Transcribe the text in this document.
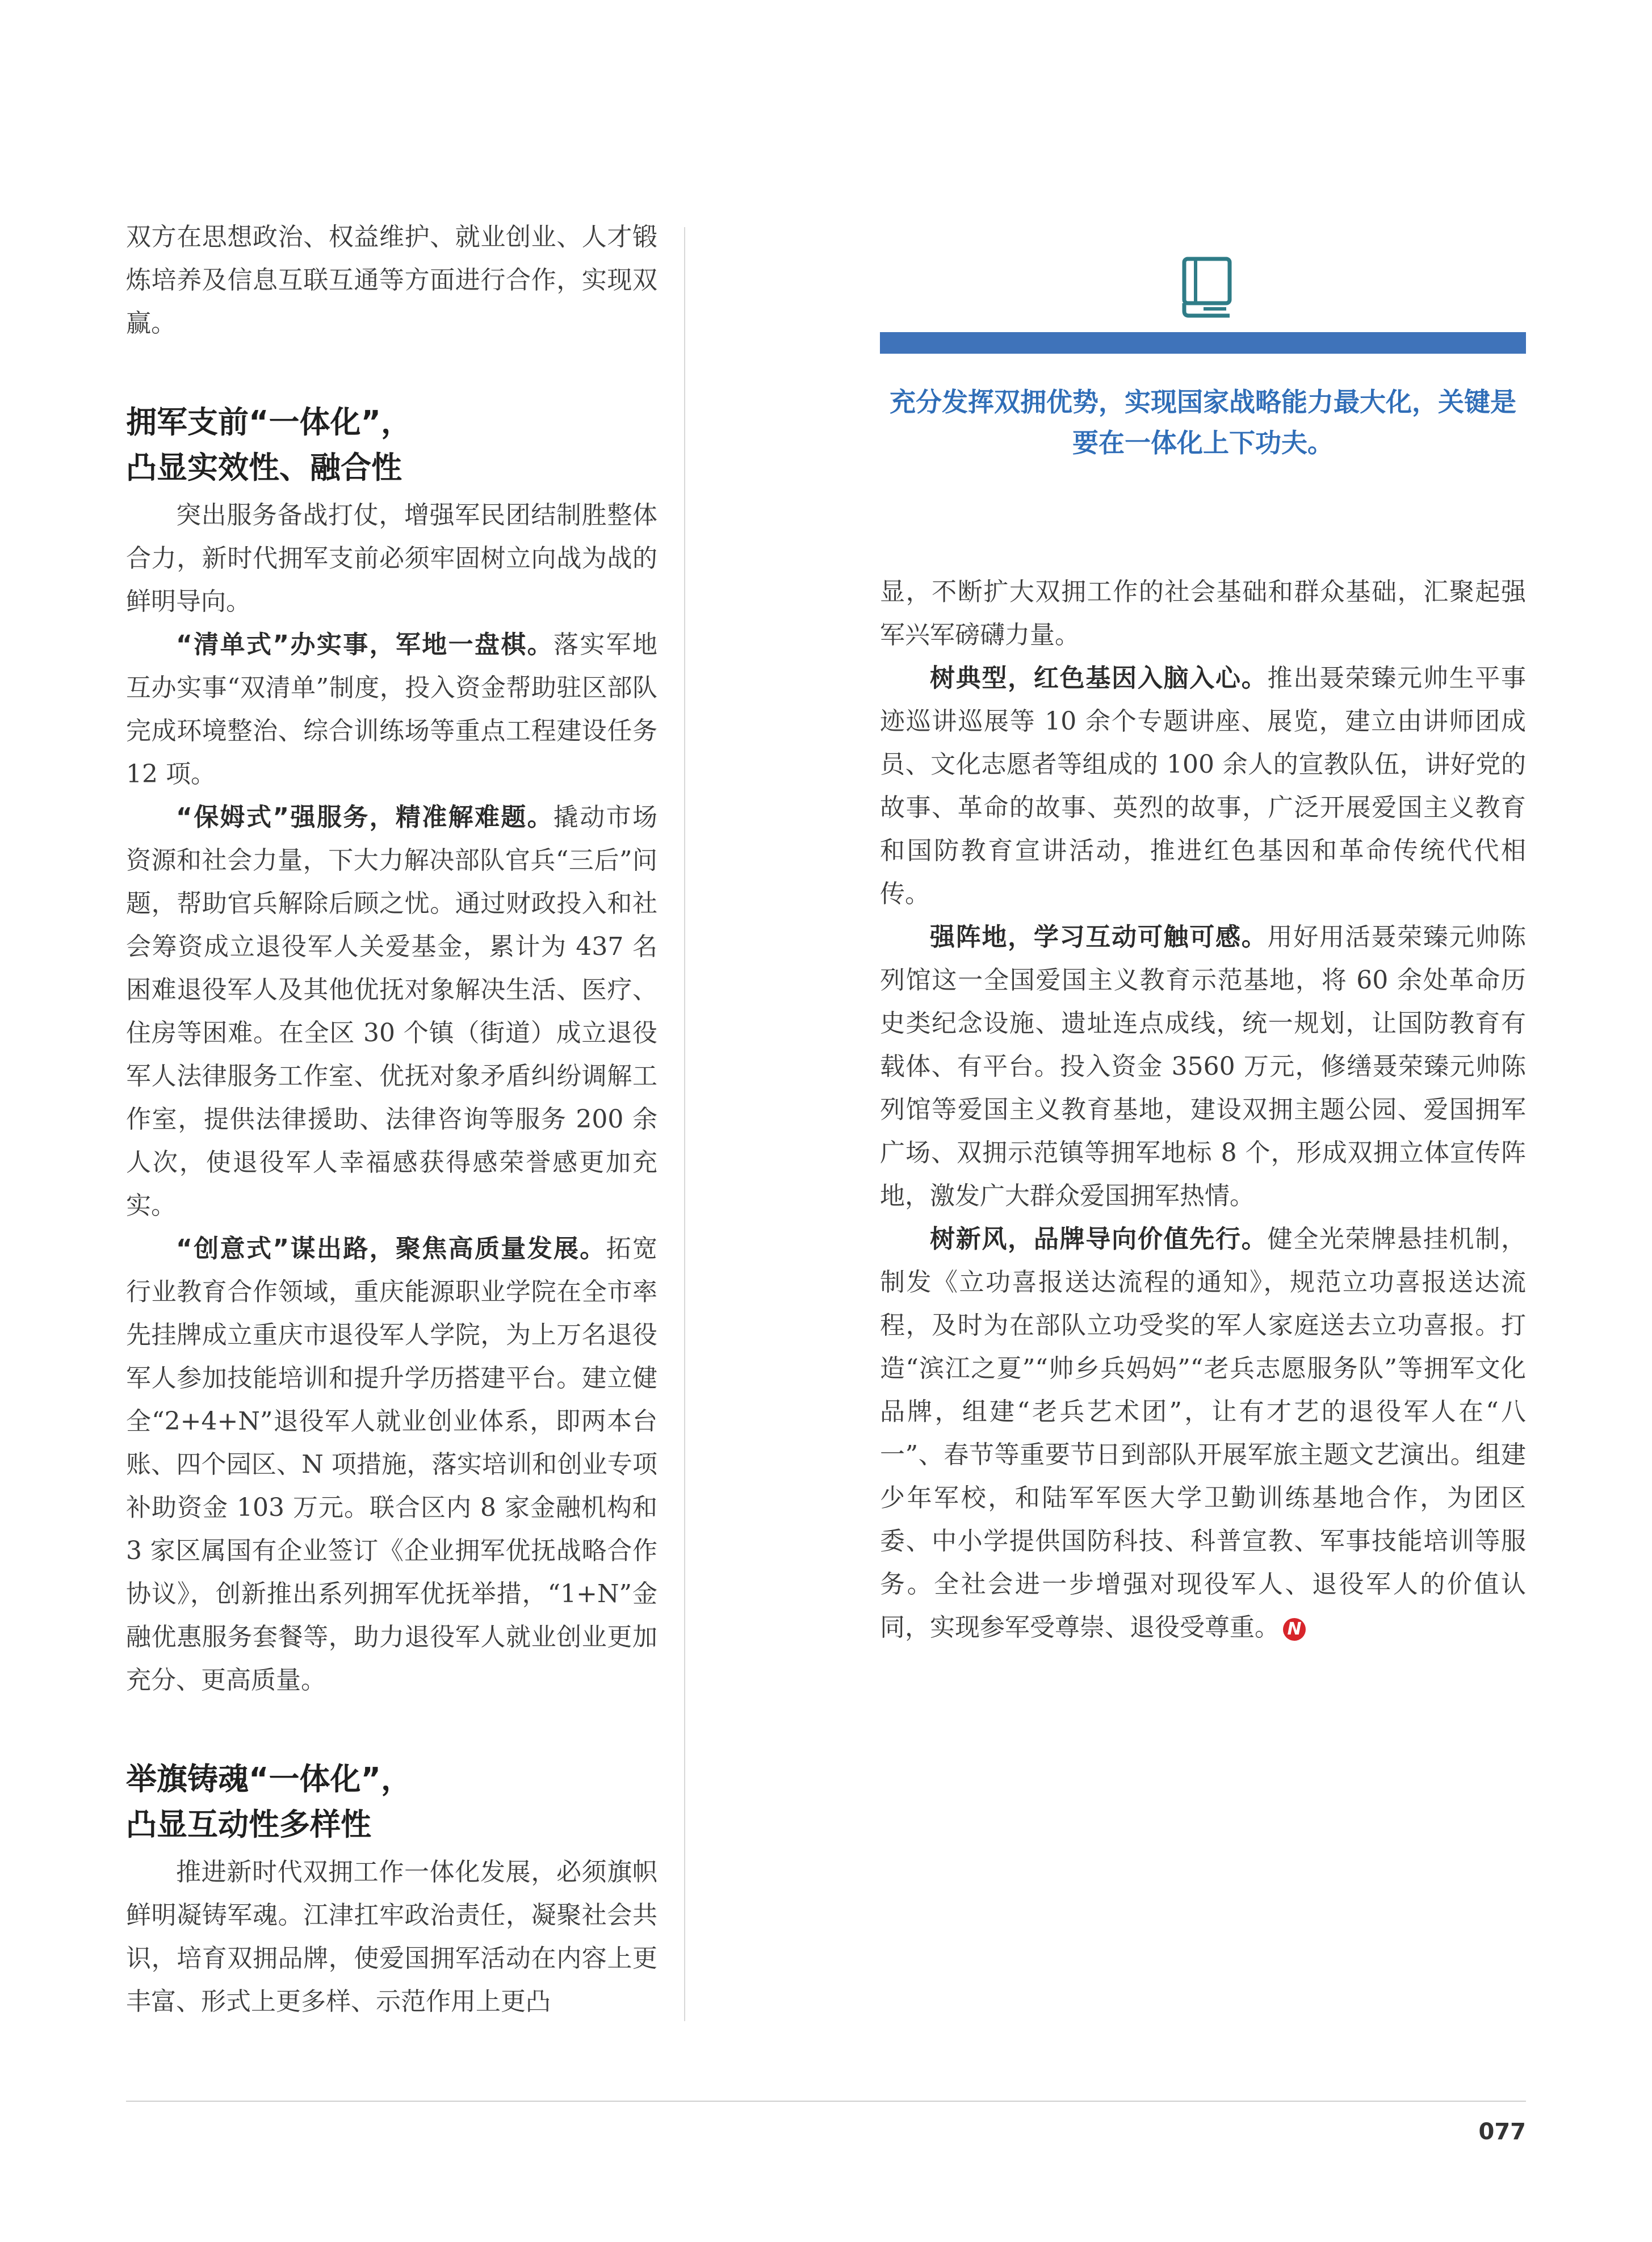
双方在思想政治、权益维护、就业创业、人才锻炼培养及信息互联互通等方面进行合作，实现双赢。

拥军支前“一体化”，
凸显实效性、融合性

突出服务备战打仗，增强军民团结制胜整体合力，新时代拥军支前必须牢固树立向战为战的鲜明导向。

“清单式”办实事，军地一盘棋。落实军地互办实事“双清单”制度，投入资金帮助驻区部队完成环境整治、综合训练场等重点工程建设任务 12 项。

“保姆式”强服务，精准解难题。撬动市场资源和社会力量，下大力解决部队官兵“三后”问题，帮助官兵解除后顾之忧。通过财政投入和社会筹资成立退役军人关爱基金，累计为 437 名困难退役军人及其他优抚对象解决生活、医疗、住房等困难。在全区 30 个镇（街道）成立退役军人法律服务工作室、优抚对象矛盾纠纷调解工作室，提供法律援助、法律咨询等服务 200 余人次，使退役军人幸福感获得感荣誉感更加充实。

“创意式”谋出路，聚焦高质量发展。拓宽行业教育合作领域，重庆能源职业学院在全市率先挂牌成立重庆市退役军人学院，为上万名退役军人参加技能培训和提升学历搭建平台。建立健全“2+4+N”退役军人就业创业体系，即两本台账、四个园区、N 项措施，落实培训和创业专项补助资金 103 万元。联合区内 8 家金融机构和 3 家区属国有企业签订《企业拥军优抚战略合作协议》，创新推出系列拥军优抚举措，“1+N”金融优惠服务套餐等，助力退役军人就业创业更加充分、更高质量。

举旗铸魂“一体化”，
凸显互动性多样性

推进新时代双拥工作一体化发展，必须旗帜鲜明凝铸军魂。江津扛牢政治责任，凝聚社会共识，培育双拥品牌，使爱国拥军活动在内容上更丰富、形式上更多样、示范作用上更凸

充分发挥双拥优势，实现国家战略能力最大化，关键是要在一体化上下功夫。

显，不断扩大双拥工作的社会基础和群众基础，汇聚起强军兴军磅礴力量。

树典型，红色基因入脑入心。推出聂荣臻元帅生平事迹巡讲巡展等 10 余个专题讲座、展览，建立由讲师团成员、文化志愿者等组成的 100 余人的宣教队伍，讲好党的故事、革命的故事、英烈的故事，广泛开展爱国主义教育和国防教育宣讲活动，推进红色基因和革命传统代代相传。

强阵地，学习互动可触可感。用好用活聂荣臻元帅陈列馆这一全国爱国主义教育示范基地，将 60 余处革命历史类纪念设施、遗址连点成线，统一规划，让国防教育有载体、有平台。投入资金 3560 万元，修缮聂荣臻元帅陈列馆等爱国主义教育基地，建设双拥主题公园、爱国拥军广场、双拥示范镇等拥军地标 8 个，形成双拥立体宣传阵地，激发广大群众爱国拥军热情。

树新风，品牌导向价值先行。健全光荣牌悬挂机制，制发《立功喜报送达流程的通知》，规范立功喜报送达流程，及时为在部队立功受奖的军人家庭送去立功喜报。打造“滨江之夏”“帅乡兵妈妈”“老兵志愿服务队”等拥军文化品牌，组建“老兵艺术团”，让有才艺的退役军人在“八一”、春节等重要节日到部队开展军旅主题文艺演出。组建少年军校，和陆军军医大学卫勤训练基地合作，为团区委、中小学提供国防科技、科普宣教、军事技能培训等服务。全社会进一步增强对现役军人、退役军人的价值认同，实现参军受尊崇、退役受尊重。 N

077
